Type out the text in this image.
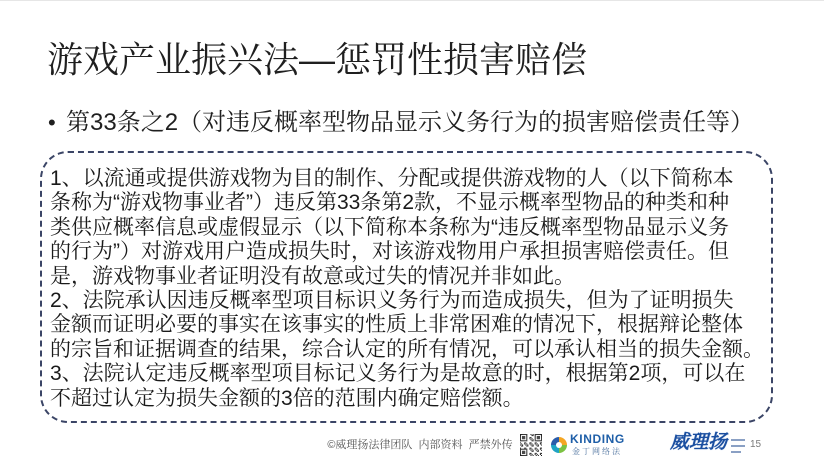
游戏产业振兴法—惩罚性损害赔偿
• 第33条之2（对违反概率型物品显示义务行为的损害赔偿责任等）
1、以流通或提供游戏物为目的制作、分配或提供游戏物的人（以下简称本
条称为“游戏物事业者”）违反第33条第2款，不显示概率型物品的种类和种
类供应概率信息或虚假显示（以下简称本条称为“违反概率型物品显示义务
的行为”）对游戏用户造成损失时，对该游戏物用户承担损害赔偿责任。但
是，游戏物事业者证明没有故意或过失的情况并非如此。
2、法院承认因违反概率型项目标识义务行为而造成损失，但为了证明损失
金额而证明必要的事实在该事实的性质上非常困难的情况下，根据辩论整体
的宗旨和证据调查的结果，综合认定的所有情况，可以承认相当的损失金额。
3、法院认定违反概率型项目标记义务行为是故意的时，根据第2项，可以在
不超过认定为损失金额的3倍的范围内确定赔偿额。
©威理扬法律团队  内部资料  严禁外传	KINDING
金丁网络法	威理扬 15
